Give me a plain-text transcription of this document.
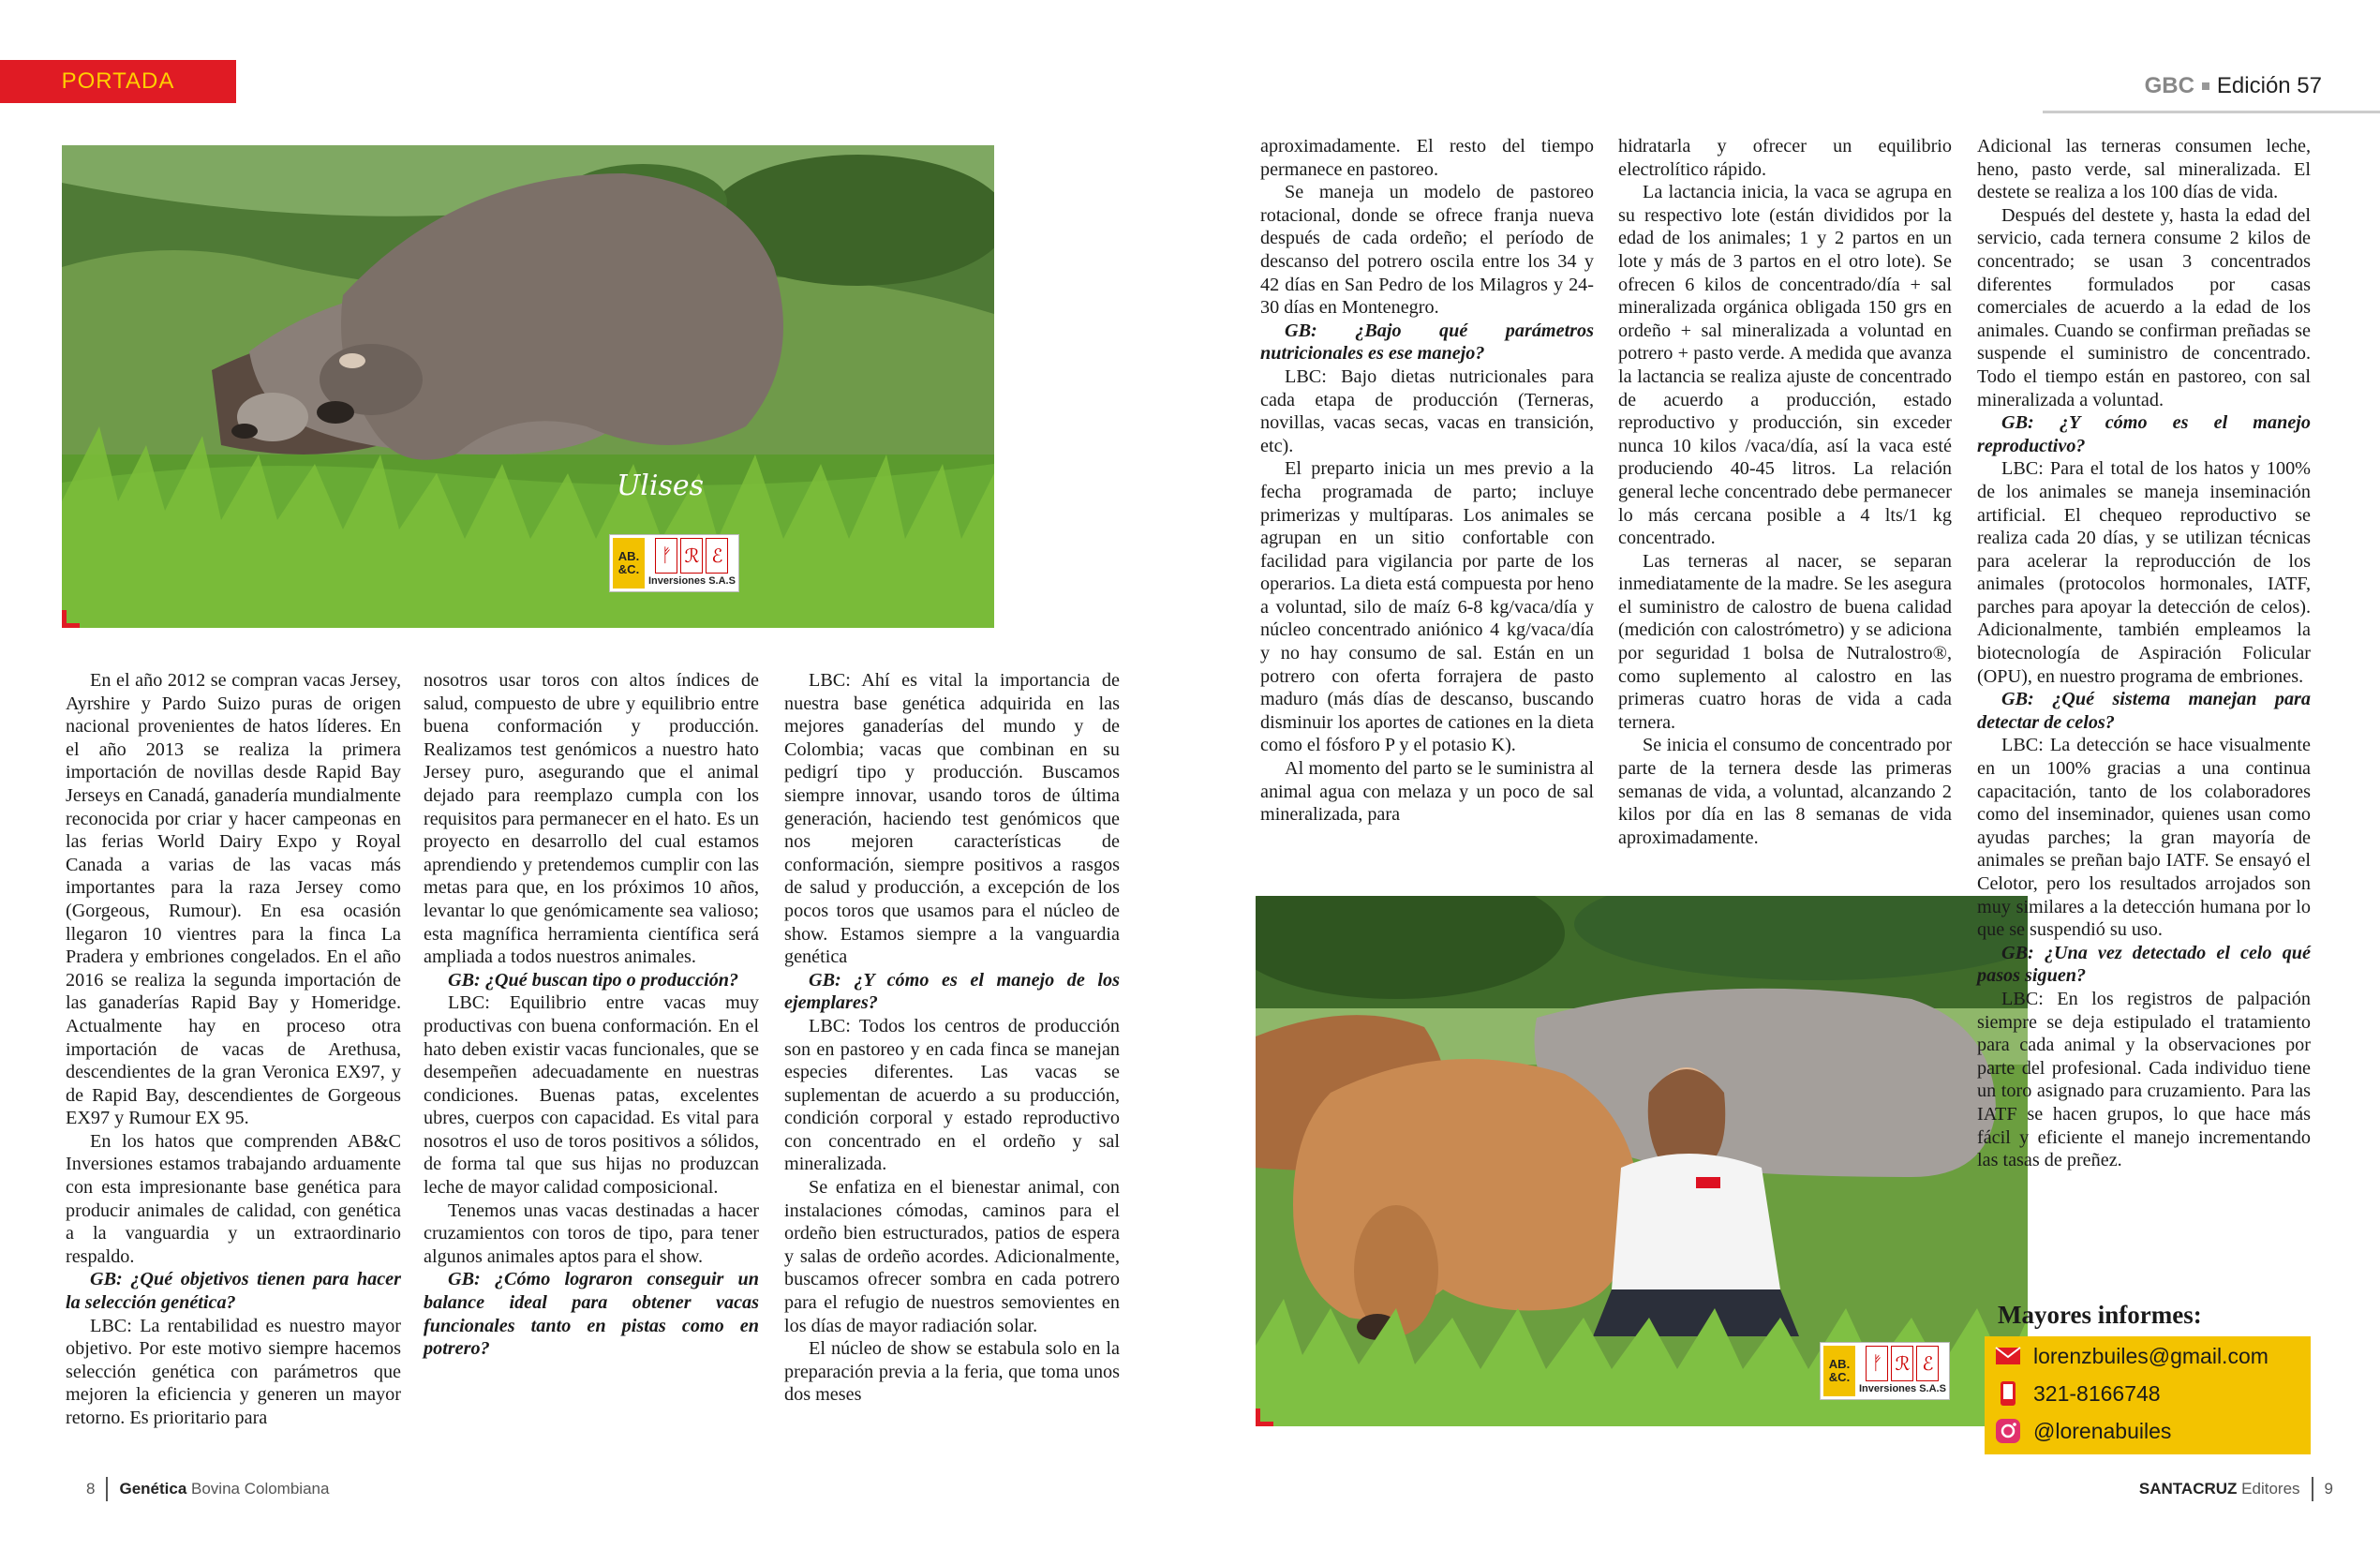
PORTADA	GBC Edición 57
Ulises
AB. &C.
ᚠ ℛ ℰ
Inversiones S.A.S
AB. &C.
ᚠ ℛ ℰ
Inversiones S.A.S

En el año 2012 se compran vacas Jersey, Ayrshire y Pardo Suizo puras de origen nacional provenientes de hatos líderes. En el año 2013 se realiza la primera importación de novillas desde Rapid Bay Jerseys en Canadá, ganadería mundialmente reconocida por criar y hacer campeonas en las ferias World Dairy Expo y Royal Canada a varias de las vacas más importantes para la raza Jersey como (Gorgeous, Rumour). En esa ocasión llegaron 10 vientres para la finca La Pradera y embriones congelados. En el año 2016 se realiza la segunda importación de las ganaderías Rapid Bay y Homeridge. Actualmente hay en proceso otra importación de vacas de Arethusa, descendientes de la gran Veronica EX97, y de Rapid Bay, descendientes de Gorgeous EX97 y Rumour EX 95.

En los hatos que comprenden AB&C Inversiones estamos trabajando arduamente con esta impresionante base genética para producir animales de calidad, con genética a la vanguardia y un extraordinario respaldo.

GB: ¿Qué objetivos tienen para hacer la selección genética?

LBC: La rentabilidad es nuestro mayor objetivo. Por este motivo siempre hacemos selección genética con parámetros que mejoren la eficiencia y generen un mayor retorno. Es prioritario para

nosotros usar toros con altos índices de salud, compuesto de ubre y equilibrio entre buena conformación y producción. Realizamos test genómicos a nuestro hato Jersey puro, asegurando que el animal dejado para reemplazo cumpla con los requisitos para permanecer en el hato. Es un proyecto en desarrollo del cual estamos aprendiendo y pretendemos cumplir con las metas para que, en los próximos 10 años, levantar lo que genómicamente sea valioso; esta magnífica herramienta científica será ampliada a todos nuestros animales.

GB: ¿Qué buscan tipo o producción?

LBC: Equilibrio entre vacas muy productivas con buena conformación. En el hato deben existir vacas funcionales, que se desempeñen adecuadamente en nuestras condiciones. Buenas patas, excelentes ubres, cuerpos con capacidad. Es vital para nosotros el uso de toros positivos a sólidos, de forma tal que sus hijas no produzcan leche de mayor calidad composicional.

Tenemos unas vacas destinadas a hacer cruzamientos con toros de tipo, para tener algunos animales aptos para el show.

GB: ¿Cómo lograron conseguir un balance ideal para obtener vacas funcionales tanto en pistas como en potrero?

LBC: Ahí es vital la importancia de nuestra base genética adquirida en las mejores ganaderías del mundo y de Colombia; vacas que combinan en su pedigrí tipo y producción. Buscamos siempre innovar, usando toros de última generación, haciendo test genómicos que nos mejoren características de conformación, siempre positivos a rasgos de salud y producción, a excepción de los pocos toros que usamos para el núcleo de show. Estamos siempre a la vanguardia genética

GB: ¿Y cómo es el manejo de los ejemplares?

LBC: Todos los centros de producción son en pastoreo y en cada finca se manejan especies diferentes. Las vacas se suplementan de acuerdo a su producción, condición corporal y estado reproductivo con concentrado en el ordeño y sal mineralizada.

Se enfatiza en el bienestar animal, con instalaciones cómodas, caminos para el ordeño bien estructurados, patios de espera y salas de ordeño acordes. Adicionalmente, buscamos ofrecer sombra en cada potrero para el refugio de nuestros semovientes en los días de mayor radiación solar.

El núcleo de show se estabula solo en la preparación previa a la feria, que toma unos dos meses

aproximadamente. El resto del tiempo permanece en pastoreo.

Se maneja un modelo de pastoreo rotacional, donde se ofrece franja nueva después de cada ordeño; el período de descanso del potrero oscila entre los 34 y 42 días en San Pedro de los Milagros y 24-30 días en Montenegro.

GB: ¿Bajo qué parámetros nutricionales es ese manejo?

LBC: Bajo dietas nutricionales para cada etapa de producción (Terneras, novillas, vacas secas, vacas en transición, etc).

El preparto inicia un mes previo a la fecha programada de parto; incluye primerizas y multíparas. Los animales se agrupan en un sitio confortable con facilidad para vigilancia por parte de los operarios. La dieta está compuesta por heno a voluntad, silo de maíz 6-8 kg/vaca/día y núcleo concentrado aniónico 4 kg/vaca/día y no hay consumo de sal. Están en un potrero con oferta forrajera de pasto maduro (más días de descanso, buscando disminuir los aportes de cationes en la dieta como el fósforo P y el potasio K).

Al momento del parto se le suministra al animal agua con melaza y un poco de sal mineralizada, para

hidratarla y ofrecer un equilibrio electrolítico rápido.

La lactancia inicia, la vaca se agrupa en su respectivo lote (están divididos por la edad de los animales; 1 y 2 partos en un lote y más de 3 partos en el otro lote). Se ofrecen 6 kilos de concentrado/día + sal mineralizada orgánica obligada 150 grs en ordeño + sal mineralizada a voluntad en potrero + pasto verde. A medida que avanza la lactancia se realiza ajuste de concentrado de acuerdo a producción, estado reproductivo y producción, sin exceder nunca 10 kilos /vaca/día, así la vaca esté produciendo 40-45 litros. La relación general leche concentrado debe permanecer lo más cercana posible a 4 lts/1 kg concentrado.

Las terneras al nacer, se separan inmediatamente de la madre. Se les asegura el suministro de calostro de buena calidad (medición con calostrómetro) y se adiciona por seguridad 1 bolsa de Nutralostro®, como suplemento al calostro en las primeras cuatro horas de vida a cada ternera.

Se inicia el consumo de concentrado por parte de la ternera desde las primeras semanas de vida, a voluntad, alcanzando 2 kilos por día en las 8 semanas de vida aproximadamente.

Adicional las terneras consumen leche, heno, pasto verde, sal mineralizada. El destete se realiza a los 100 días de vida.

Después del destete y, hasta la edad del servicio, cada ternera consume 2 kilos de concentrado; se usan 3 concentrados diferentes formulados por casas comerciales de acuerdo a la edad de los animales. Cuando se confirman preñadas se suspende el suministro de concentrado. Todo el tiempo están en pastoreo, con sal mineralizada a voluntad.

GB: ¿Y cómo es el manejo reproductivo?

LBC: Para el total de los hatos y 100% de los animales se maneja inseminación artificial. El chequeo reproductivo se realiza cada 20 días, y se utilizan técnicas para acelerar la reproducción de los animales (protocolos hormonales, IATF, parches para apoyar la detección de celos). Adicionalmente, también empleamos la biotecnología de Aspiración Folicular (OPU), en nuestro programa de embriones.

GB: ¿Qué sistema manejan para detectar de celos?

LBC: La detección se hace visualmente en un 100% gracias a una continua capacitación, tanto de los colaboradores como del inseminador, quienes usan como ayudas parches; la gran mayoría de animales se preñan bajo IATF. Se ensayó el Celotor, pero los resultados arrojados son muy similares a la detección humana por lo que se suspendió su uso.

GB: ¿Una vez detectado el celo qué pasos siguen?

LBC: En los registros de palpación siempre se deja estipulado el tratamiento para cada animal y la observaciones por parte del profesional. Cada individuo tiene un toro asignado para cruzamiento. Para las IATF se hacen grupos, lo que hace más fácil y eficiente el manejo incrementando las tasas de preñez.

Mayores informes:
lorenzbuiles@gmail.com
321-8166748
@lorenabuiles
8 Genética Bovina Colombiana	SANTACRUZ Editores 9
